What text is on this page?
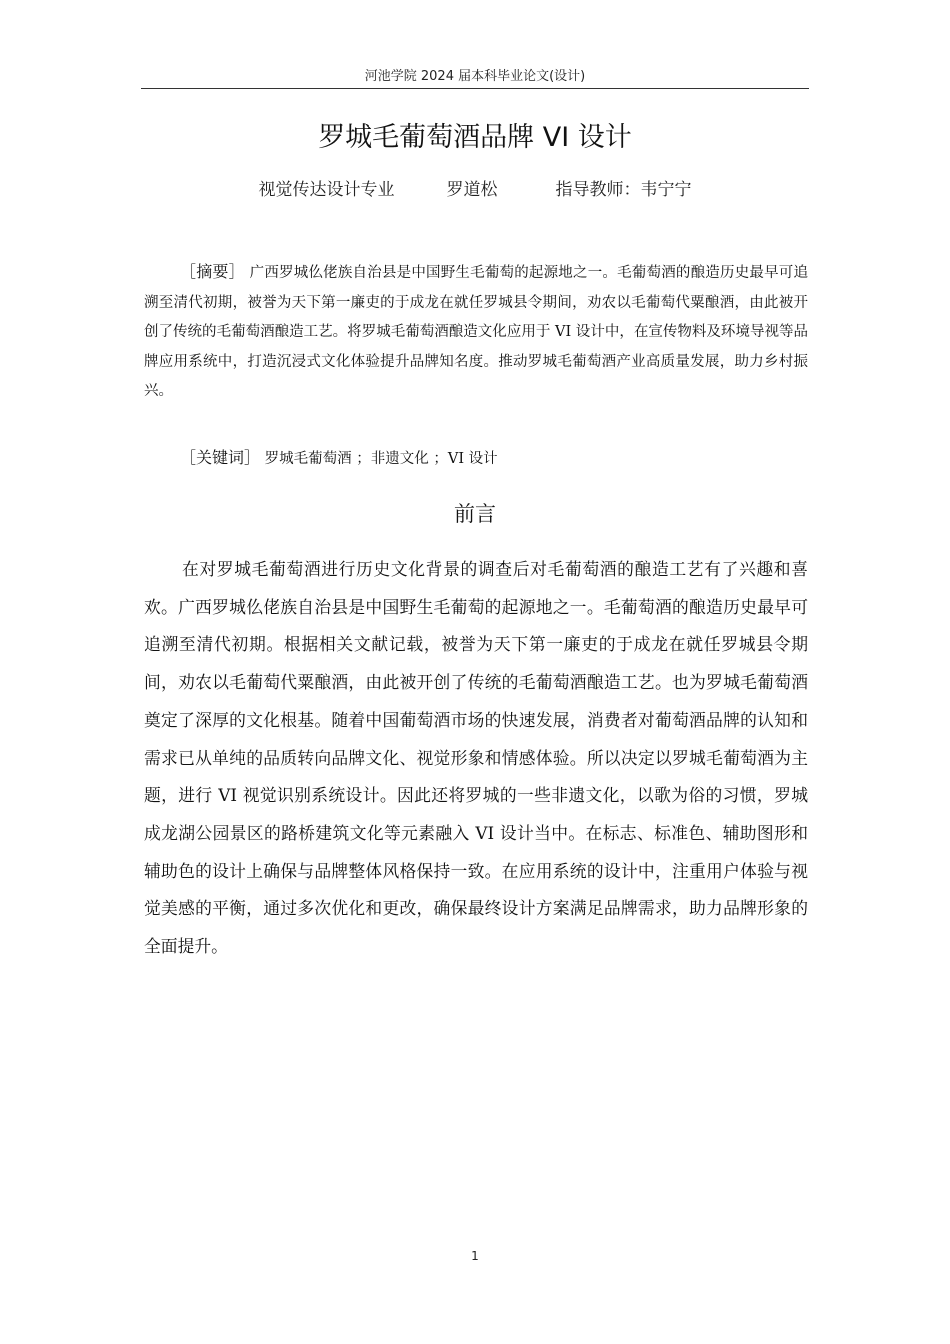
河池学院 2024 届本科毕业论文(设计)
罗城毛葡萄酒品牌 VI 设计
视觉传达设计专业	罗道松	指导教师：韦宁宁

［摘要］ 广西罗城仫佬族自治县是中国野生毛葡萄的起源地之一。毛葡萄酒的酿造历史最早可追溯至清代初期，被誉为天下第一廉吏的于成龙在就任罗城县令期间，劝农以毛葡萄代粟酿酒，由此被开创了传统的毛葡萄酒酿造工艺。将罗城毛葡萄酒酿造文化应用于 VI 设计中，在宣传物料及环境导视等品牌应用系统中，打造沉浸式文化体验提升品牌知名度。推动罗城毛葡萄酒产业高质量发展，助力乡村振兴。

［关键词］ 罗城毛葡萄酒 ；非遗文化 ；VI 设计

前言

在对罗城毛葡萄酒进行历史文化背景的调查后对毛葡萄酒的酿造工艺有了兴趣和喜欢。广西罗城仫佬族自治县是中国野生毛葡萄的起源地之一。毛葡萄酒的酿造历史最早可追溯至清代初期。根据相关文献记载，被誉为天下第一廉吏的于成龙在就任罗城县令期间，劝农以毛葡萄代粟酿酒，由此被开创了传统的毛葡萄酒酿造工艺。也为罗城毛葡萄酒奠定了深厚的文化根基。随着中国葡萄酒市场的快速发展，消费者对葡萄酒品牌的认知和需求已从单纯的品质转向品牌文化、视觉形象和情感体验。所以决定以罗城毛葡萄酒为主题，进行 VI 视觉识别系统设计。因此还将罗城的一些非遗文化，以歌为俗的习惯，罗城成龙湖公园景区的路桥建筑文化等元素融入 VI 设计当中。在标志、标准色、辅助图形和辅助色的设计上确保与品牌整体风格保持一致。在应用系统的设计中，注重用户体验与视觉美感的平衡，通过多次优化和更改，确保最终设计方案满足品牌需求，助力品牌形象的全面提升。

1
